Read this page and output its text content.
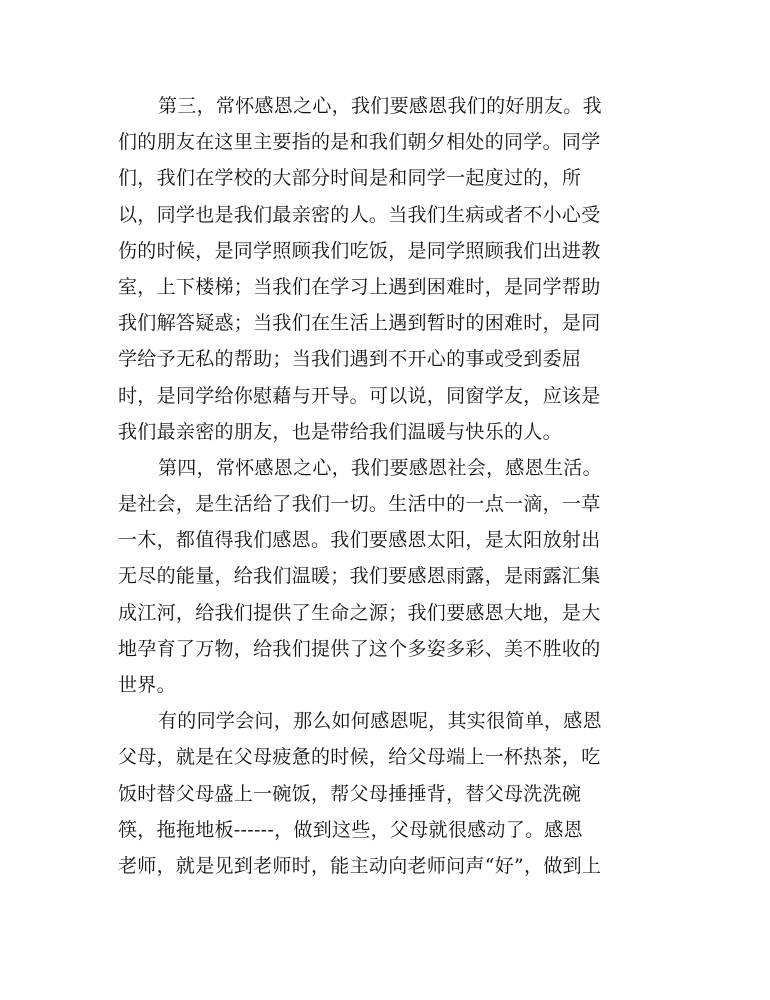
第三，常怀感恩之心，我们要感恩我们的好朋友。我
们的朋友在这里主要指的是和我们朝夕相处的同学。同学
们，我们在学校的大部分时间是和同学一起度过的，所
以，同学也是我们最亲密的人。当我们生病或者不小心受
伤的时候，是同学照顾我们吃饭，是同学照顾我们出进教
室，上下楼梯；当我们在学习上遇到困难时，是同学帮助
我们解答疑惑；当我们在生活上遇到暂时的困难时，是同
学给予无私的帮助；当我们遇到不开心的事或受到委屈
时，是同学给你慰藉与开导。可以说，同窗学友，应该是
我们最亲密的朋友，也是带给我们温暖与快乐的人。
第四，常怀感恩之心，我们要感恩社会，感恩生活。
是社会，是生活给了我们一切。生活中的一点一滴，一草
一木，都值得我们感恩。我们要感恩太阳，是太阳放射出
无尽的能量，给我们温暖；我们要感恩雨露，是雨露汇集
成江河，给我们提供了生命之源；我们要感恩大地，是大
地孕育了万物，给我们提供了这个多姿多彩、美不胜收的
世界。
有的同学会问，那么如何感恩呢，其实很简单，感恩
父母，就是在父母疲惫的时候，给父母端上一杯热茶，吃
饭时替父母盛上一碗饭，帮父母捶捶背，替父母洗洗碗
筷，拖拖地板------，做到这些，父母就很感动了。感恩
老师，就是见到老师时，能主动向老师问声“好”，做到上
